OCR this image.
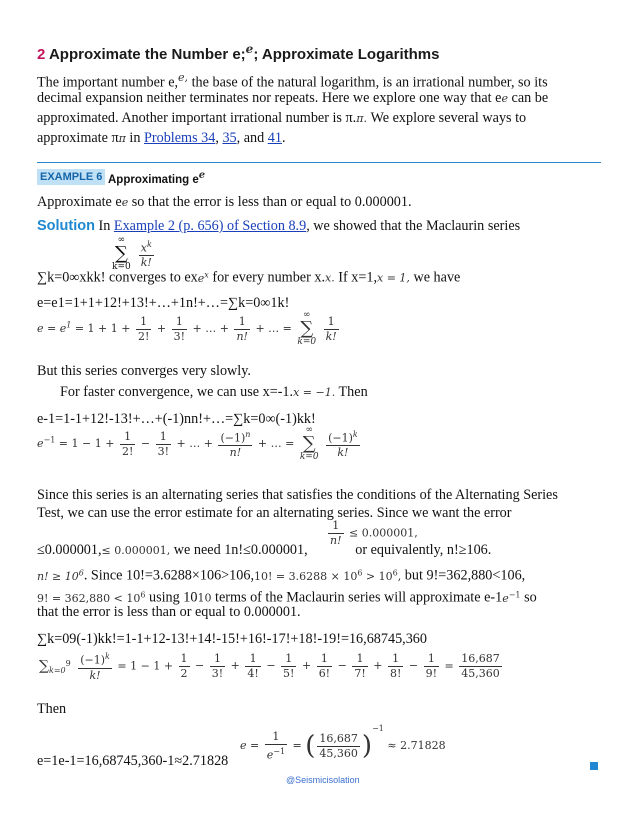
2 Approximate the Number e;$^e$; Approximate Logarithms
The important number e,$^{e,}$ the base of the natural logarithm, is an irrational number, so its
decimal expansion neither terminates nor repeats. Here we explore one way that ee can be
approximated. Another important irrational number is π.π. We explore several ways to
approximate ππ in Problems 34, 35, and 41.
EXAMPLE 6 Approximating ee
Approximate ee so that the error is less than or equal to 0.000001.
Solution In Example 2 (p. 656) of Section 8.9, we showed that the Maclaurin series
∞
∑
$k=0 \frac{x^k}{k!}$
∑k=0∞xkk! converges to exe$^x$ for every number x.x. If x=1,x = 1, we have
e=e1=1+1+12!+13!+…+1n!+…=∑k=0∞1k!
$e = e^1 = 1 + 1 + \frac{1}{2!} + \frac{1}{3!}$ + … + $\frac{1}{n!}$ + … = ∞
∑
$k=0 \frac{1}{k!}$
But this series converges very slowly.
For faster convergence, we can use x=-1.x = −1. Then
e-1=1-1+12!-13!+…+(-1)nn!+…=∑k=0∞(-1)kk!
$e^{-1} = 1 - 1 + \frac{1}{2!} - \frac{1}{3!}$ + … + $\frac{(-1)^n}{n!}$ + … = ∞
∑
$k=0 \frac{(-1)^k}{k!}$
Since this series is an alternating series that satisfies the conditions of the Alternating Series
Test, we can use the error estimate for an alternating series. Since we want the error
$\frac{1}{n!} \le 0.000001$,
≤0.000001,≤ 0.000001, we need 1n!≤0.000001,	or equivalently, n!≥106.
n! ≥ $10^6$. Since 10!=3.6288×106>106,10! = $3.6288 \times 10^6 > 10^6$, but 9!=362,880<106,
9! = $362,880 < 10^6$ using 1010 terms of the Maclaurin series will approximate $e-1e^{-1}$ so
that the error is less than or equal to 0.000001.
∑k=09(-1)kk!=1-1+12-13!+14!-15!+16!-17!+18!-19!=16,68745,360
$\sum_{k=0}^9 \frac{(-1)^k}{k!} = 1 - 1 + \frac{1}{2} - \frac{1}{3!} + \frac{1}{4!} - \frac{1}{5!} + \frac{1}{6!} - \frac{1}{7!} + \frac{1}{8!} - \frac{1}{9!} = \frac{16,687}{45,360}$
Then
$e = \frac{1}{e^{-1}}$ = ( $\frac{16,687}{45,360} )^{-1} \approx 2.71828$
e=1e-1=16,68745,360-1≈2.71828
@Seismicisolation
